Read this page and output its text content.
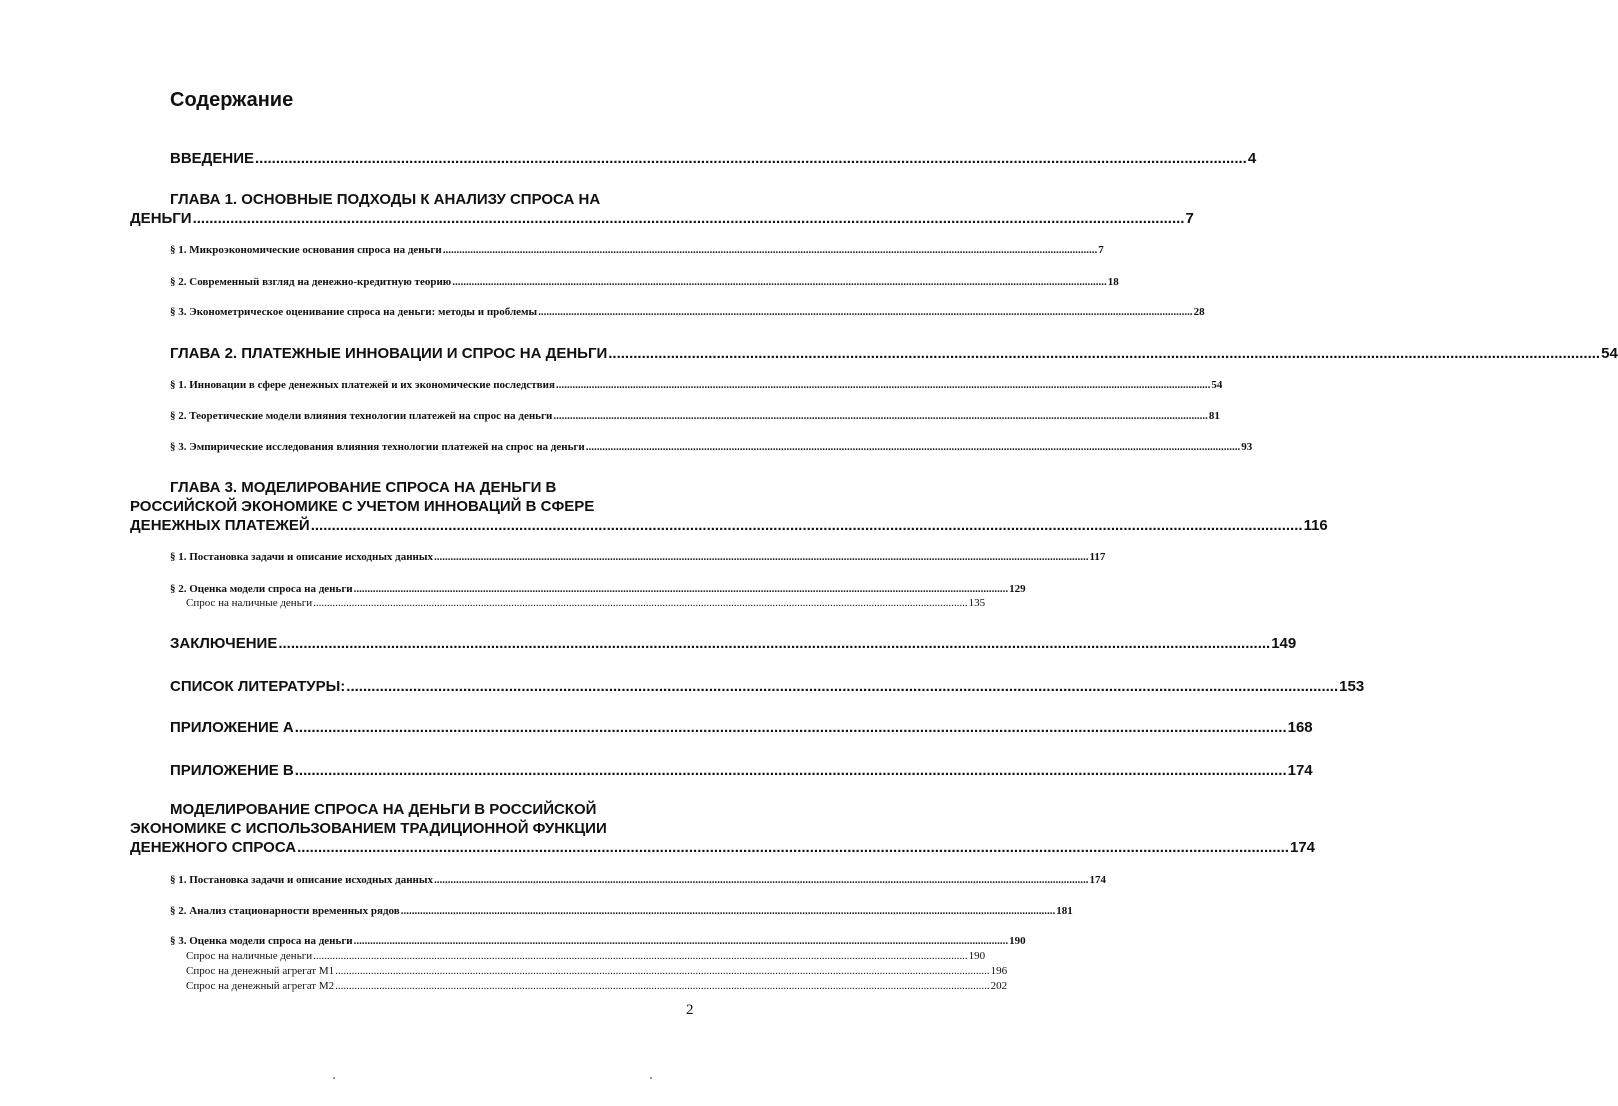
Содержание
ВВЕДЕНИЕ .............................................................................................................................................................................................................................................. 4
ГЛАВА 1. ОСНОВНЫЕ ПОДХОДЫ К АНАЛИЗУ СПРОСА НА
ДЕНЬГИ .............................................................................................................................................................................................................................................. 7
§ 1. Микроэкономические основания спроса на деньги .............................................................................................................................................................................................................................................. 7
§ 2. Современный взгляд на денежно-кредитную теорию .............................................................................................................................................................................................................................................. 18
§ 3. Эконометрическое оценивание спроса на деньги: методы и проблемы .............................................................................................................................................................................................................................................. 28
ГЛАВА 2. ПЛАТЕЖНЫЕ ИННОВАЦИИ И СПРОС НА ДЕНЬГИ .............................................................................................................................................................................................................................................. 54
§ 1. Инновации в сфере денежных платежей и их экономические последствия .............................................................................................................................................................................................................................................. 54
§ 2. Теоретические модели влияния технологии платежей на спрос на деньги .............................................................................................................................................................................................................................................. 81
§ 3. Эмпирические исследования влияния технологии платежей на спрос на деньги .............................................................................................................................................................................................................................................. 93
ГЛАВА 3. МОДЕЛИРОВАНИЕ СПРОСА НА ДЕНЬГИ В
РОССИЙСКОЙ ЭКОНОМИКЕ С УЧЕТОМ ИННОВАЦИЙ В СФЕРЕ
ДЕНЕЖНЫХ ПЛАТЕЖЕЙ .............................................................................................................................................................................................................................................. 116
§ 1. Постановка задачи и описание исходных данных .............................................................................................................................................................................................................................................. 117
§ 2. Оценка модели спроса на деньги .............................................................................................................................................................................................................................................. 129
Спрос на наличные деньги .............................................................................................................................................................................................................................................. 135
ЗАКЛЮЧЕНИЕ .............................................................................................................................................................................................................................................. 149
СПИСОК ЛИТЕРАТУРЫ: .............................................................................................................................................................................................................................................. 153
ПРИЛОЖЕНИЕ А .............................................................................................................................................................................................................................................. 168
ПРИЛОЖЕНИЕ В .............................................................................................................................................................................................................................................. 174
МОДЕЛИРОВАНИЕ СПРОСА НА ДЕНЬГИ В РОССИЙСКОЙ
ЭКОНОМИКЕ С ИСПОЛЬЗОВАНИЕМ ТРАДИЦИОННОЙ ФУНКЦИИ
ДЕНЕЖНОГО СПРОСА .............................................................................................................................................................................................................................................. 174
§ 1. Постановка задачи и описание исходных данных .............................................................................................................................................................................................................................................. 174
§ 2. Анализ стационарности временных рядов .............................................................................................................................................................................................................................................. 181
§ 3. Оценка модели спроса на деньги .............................................................................................................................................................................................................................................. 190
Спрос на наличные деньги .............................................................................................................................................................................................................................................. 190
Спрос на денежный агрегат M1 .............................................................................................................................................................................................................................................. 196
Спрос на денежный агрегат M2 .............................................................................................................................................................................................................................................. 202
2
